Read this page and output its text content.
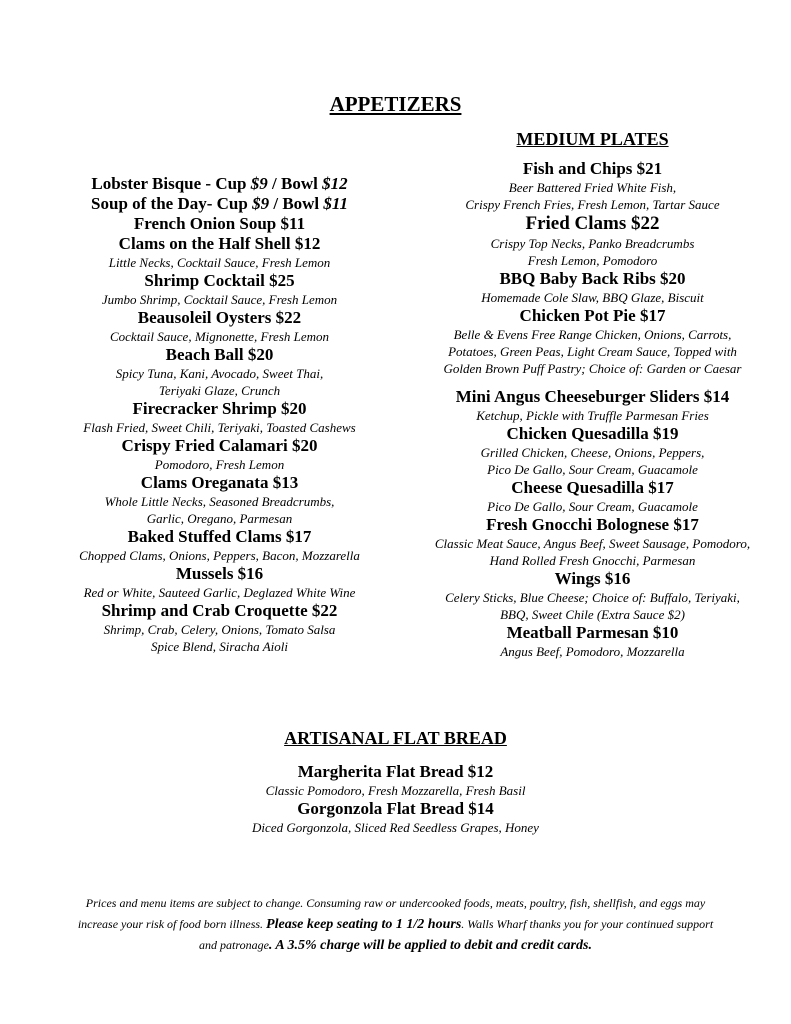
APPETIZERS
MEDIUM PLATES
Lobster Bisque - Cup $9 / Bowl $12
Soup of the Day- Cup $9 / Bowl $11
French Onion Soup $11
Clams on the Half Shell $12
Little Necks, Cocktail Sauce, Fresh Lemon
Shrimp Cocktail $25
Jumbo Shrimp, Cocktail Sauce, Fresh Lemon
Beausoleil Oysters $22
Cocktail Sauce, Mignonette, Fresh Lemon
Beach Ball $20
Spicy Tuna, Kani, Avocado, Sweet Thai,
Teriyaki Glaze, Crunch
Firecracker Shrimp $20
Flash Fried, Sweet Chili, Teriyaki, Toasted Cashews
Crispy Fried Calamari $20
Pomodoro, Fresh Lemon
Clams Oreganata $13
Whole Little Necks, Seasoned Breadcrumbs,
Garlic, Oregano, Parmesan
Baked Stuffed Clams $17
Chopped Clams, Onions, Peppers, Bacon, Mozzarella
Mussels $16
Red or White, Sauteed Garlic, Deglazed White Wine
Shrimp and Crab Croquette $22
Shrimp, Crab, Celery, Onions, Tomato Salsa
Spice Blend, Siracha Aioli
Fish and Chips $21
Beer Battered Fried White Fish,
Crispy French Fries, Fresh Lemon, Tartar Sauce
Fried Clams $22
Crispy Top Necks, Panko Breadcrumbs
Fresh Lemon, Pomodoro
BBQ Baby Back Ribs $20
Homemade Cole Slaw, BBQ Glaze, Biscuit
Chicken Pot Pie $17
Belle & Evens Free Range Chicken, Onions, Carrots,
Potatoes, Green Peas, Light Cream Sauce, Topped with
Golden Brown Puff Pastry; Choice of: Garden or Caesar
Mini Angus Cheeseburger Sliders $14
Ketchup, Pickle with Truffle Parmesan Fries
Chicken Quesadilla $19
Grilled Chicken, Cheese, Onions, Peppers,
Pico De Gallo, Sour Cream, Guacamole
Cheese Quesadilla $17
Pico De Gallo, Sour Cream, Guacamole
Fresh Gnocchi Bolognese $17
Classic Meat Sauce, Angus Beef, Sweet Sausage, Pomodoro,
Hand Rolled Fresh Gnocchi, Parmesan
Wings $16
Celery Sticks, Blue Cheese; Choice of: Buffalo, Teriyaki,
BBQ, Sweet Chile (Extra Sauce $2)
Meatball Parmesan $10
Angus Beef, Pomodoro, Mozzarella
ARTISANAL FLAT BREAD
Margherita Flat Bread $12
Classic Pomodoro, Fresh Mozzarella, Fresh Basil
Gorgonzola Flat Bread $14
Diced Gorgonzola, Sliced Red Seedless Grapes, Honey
Prices and menu items are subject to change. Consuming raw or undercooked foods, meats, poultry, fish, shellfish, and eggs may
increase your risk of food born illness. Please keep seating to 1 1/2 hours. Walls Wharf thanks you for your continued support
and patronage. A 3.5% charge will be applied to debit and credit cards.
